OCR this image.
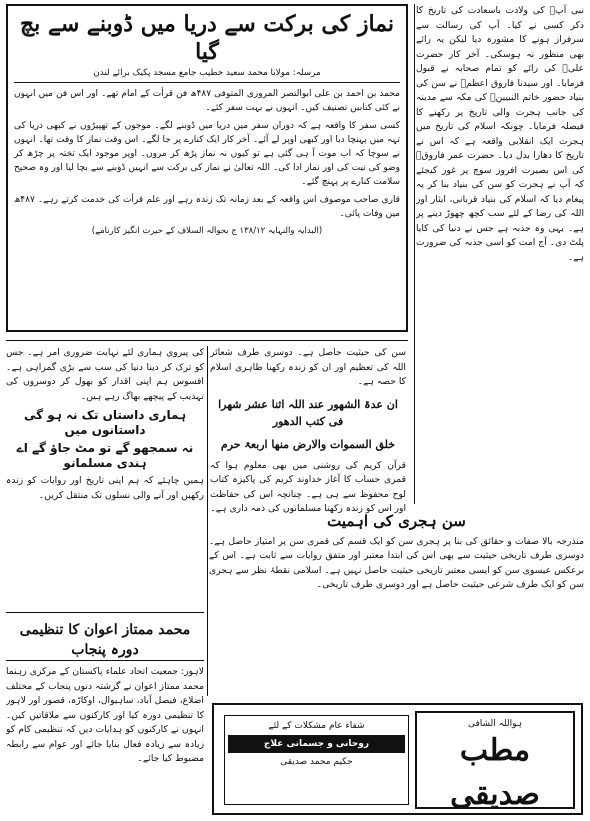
نبی آپؐ کی ولادت باسعادت کی تاریخ کا ذکر کسی نے کیا۔ آپ کی رسالت سے سرفراز ہونے کا مشورہ دیا لیکن یہ رائے بھی منظور نہ ہوسکی۔ آخر کار حضرت علیؓ کی رائے کو تمام صحابہ نے قبول فرمایا۔ اور سیدنا فاروق اعظمؓ نے سن کی بنیاد حضور خاتم النبیینؐ کی مکہ سے مدینہ کی جانب ہجرت والی تاریخ پر رکھنے کا فیصلہ فرمایا۔ چونکہ اسلام کی تاریخ میں ہجرت ایک انقلابی واقعہ ہے کہ اس نے تاریخ کا دھارا بدل دیا۔ حضرت عمر فاروقؓ کی اس بصیرت افروز سوچ پر غور کیجئے کہ آپ نے ہجرت کو سن کی بنیاد بنا کر یہ پیغام دیا کہ اسلام کی بنیاد قربانی، ایثار اور اللہ کی رضا کے لئے سب کچھ چھوڑ دینے پر ہے۔ یہی وہ جذبہ ہے جس نے دنیا کی کایا پلٹ دی۔ آج امت کو اسی جذبہ کی ضرورت ہے۔
نماز کی برکت سے دریا میں ڈوبنے سے بچ گیا
مرسلہ: مولانا محمد سعید خطیب جامع مسجد پکیک برائے لندن
محمد بن احمد بن علی ابوالنصر المروزی المتوفی ۴۸۷ھ فن قرأت کے امام تھے۔ اور اس فن میں انہوں نے کئی کتابیں تصنیف کیں۔ انہوں نے بہت سفر کئے۔
کسی سفر کا واقعہ ہے کہ دوران سفر میں دریا میں ڈوبنے لگے۔ موجوں کے تھپیڑوں نے کبھی دریا کی تہہ میں پہنچا دیا اور کبھی اوپر لے آئے۔ آخر کار ایک کنارے پر جا لگے۔ اس وقت نماز کا وقت تھا۔ انہوں نے سوچا کہ اب موت آ ہی گئی ہے تو کیوں نہ نماز پڑھ کر مروں۔ اوپر موجود ایک تختہ پر چڑھ کر وضو کی نیت کی اور نماز ادا کی۔ اللہ تعالیٰ نے نماز کی برکت سے انہیں ڈوبنے سے بچا لیا اور وہ صحیح سلامت کنارے پر پہنچ گئے۔
قاری صاحب موصوف اس واقعہ کے بعد زمانہ تک زندہ رہے اور علم قرأت کی خدمت کرتے رہے۔ ۴۸۷ھ میں وفات پائی۔
(البدایہ والنہایہ ۱۳۸/۱۲ ج بحوالہ السلاف کے حیرت انگیز کارنامے)
سن کی حیثیت حاصل ہے۔ دوسری طرف شعائر اللہ کی تعظیم اور ان کو زندہ رکھنا ظاہری اسلام کا حصہ ہے۔
ان عدۃ الشھور عند اللہ اثنا عشر شھرا فی کتب الدھور
خلق السموات والارض منھا اربعۃ حرم
قرآن کریم کی روشنی میں بھی معلوم ہوا کہ قمری حساب کا آغاز خداوند کریم کی پاکیزہ کتاب لوح محفوظ سے ہی ہے۔ چنانچہ اس کی حفاظت اور اس کو زندہ رکھنا مسلمانوں کی ذمہ داری ہے۔
کی پیروی ہماری لئے نہایت ضروری امر ہے۔ جس کو ترک کر دینا دنیا کی سب سے بڑی گمراہی ہے۔ افسوس ہم اپنی اقدار کو بھول کر دوسروں کی تہذیب کے پیچھے بھاگ رہے ہیں۔
ہماری داستاں تک نہ ہو گی داستانوں میں
نہ سمجھو گے تو مٹ جاؤ گے اے ہندی مسلمانو
ہمیں چاہئے کہ ہم اپنی تاریخ اور روایات کو زندہ رکھیں اور آنے والی نسلوں تک منتقل کریں۔
محمد ممتاز اعوان کا تنظیمی دورہ پنجاب
لاہور: جمعیت اتحاد علماء پاکستان کے مرکزی رہنما محمد ممتاز اعوان نے گزشتہ دنوں پنجاب کے مختلف اضلاع، فیصل آباد، ساہیوال، اوکاڑہ، قصور اور لاہور کا تنظیمی دورہ کیا اور کارکنوں سے ملاقاتیں کیں۔ انہوں نے کارکنوں کو ہدایات دیں کہ تنظیمی کام کو زیادہ سے زیادہ فعال بنایا جائے اور عوام سے رابطہ مضبوط کیا جائے۔
سن ہجری کی اہمیت
منذرجہ بالا صفات و حقائق کی بنا پر ہجری سن کو ایک قسم کی قمری سن پر امتیاز حاصل ہے۔ دوسری طرف تاریخی حیثیت سے بھی اس کی ابتدا معتبر اور متفق روایات سے ثابت ہے۔ اس کے برعکس عیسوی سن کو ایسی معتبر تاریخی حیثیت حاصل نہیں ہے۔ اسلامی نقطۂ نظر سے ہجری سن کو ایک طرف شرعی حیثیت حاصل ہے اور دوسری طرف تاریخی۔
ہواللہ الشافی
مطب صدیقی
شفاء عام مشکلات کے لئے
روحانی و جسمانی علاج
حکیم محمد صدیقی
